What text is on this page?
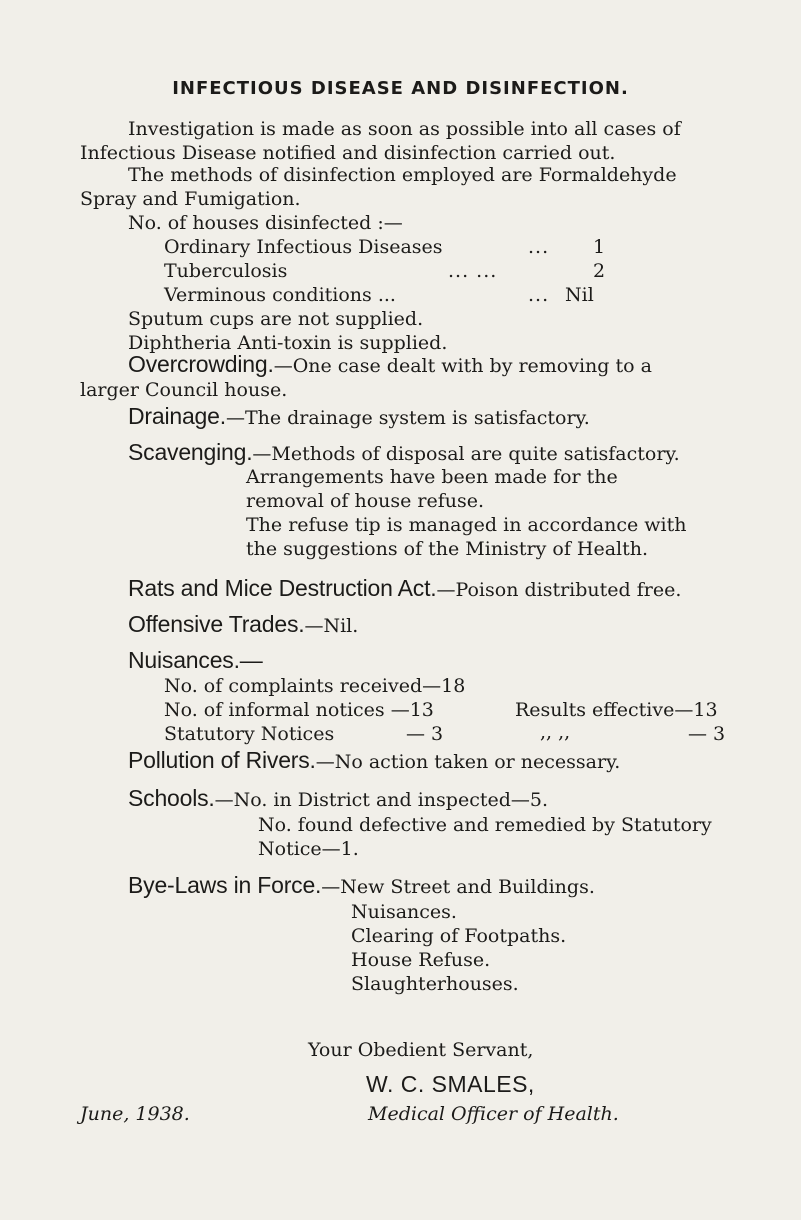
INFECTIOUS DISEASE AND DISINFECTION.
Investigation is made as soon as possible into all cases of
Infectious Disease notified and disinfection carried out.
The methods of disinfection employed are Formaldehyde
Spray and Fumigation.
No. of houses disinfected :—
Ordinary Infectious Diseases	... 1
Tuberculosis	... ...	2
Verminous conditions ...	... Nil
Sputum cups are not supplied.
Diphtheria Anti-toxin is supplied.
Overcrowding.—One case dealt with by removing to a
larger Council house.
Drainage.—The drainage system is satisfactory.
Scavenging.—Methods of disposal are quite satisfactory.
Arrangements have been made for the
removal of house refuse.
The refuse tip is managed in accordance with
the suggestions of the Ministry of Health.
Rats and Mice Destruction Act.—Poison distributed free.
Offensive Trades.—Nil.
Nuisances.—
No. of complaints received—18
No. of informal notices —13	Results effective—13
Statutory Notices	— 3	,, ,,	— 3
Pollution of Rivers.—No action taken or necessary.
Schools.—No. in District and inspected—5.
No. found defective and remedied by Statutory
Notice—1.
Bye-Laws in Force.—New Street and Buildings.
Nuisances.
Clearing of Footpaths.
House Refuse.
Slaughterhouses.
Your Obedient Servant,
W. C. SMALES,
June, 1938.	Medical Officer of Health.
